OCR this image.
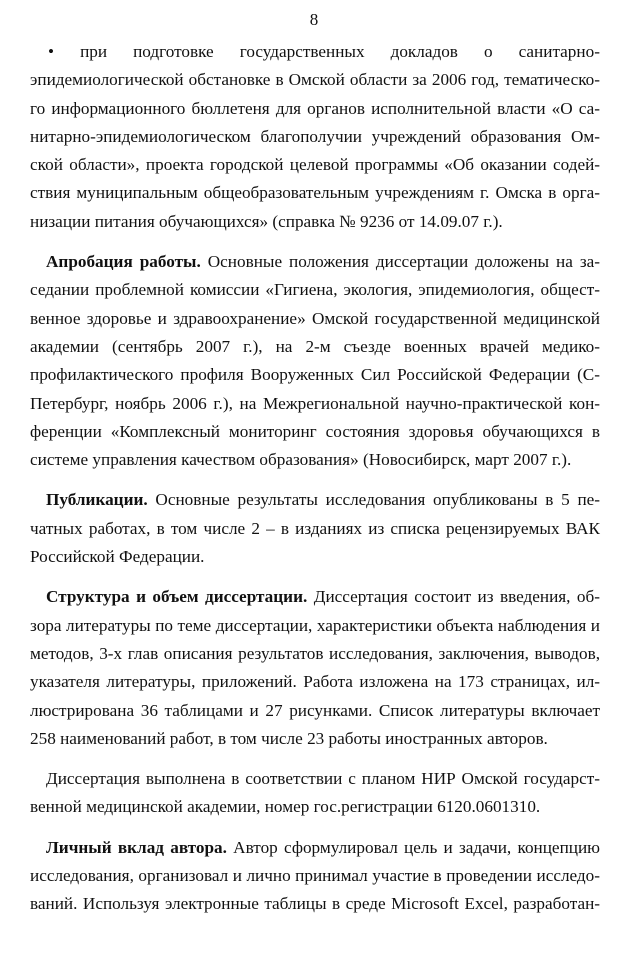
8
• при подготовке государственных докладов о санитарно-
эпидемиологической обстановке в Омской области за 2006 год, тематическо-
го информационного бюллетеня для органов исполнительной власти «О са-
нитарно-эпидемиологическом благополучии учреждений образования Ом-
ской области», проекта городской целевой программы «Об оказании содей-
ствия муниципальным общеобразовательным учреждениям г. Омска в орга-
низации питания обучающихся» (справка № 9236 от 14.09.07 г.).
Апробация работы. Основные положения диссертации доложены на за-
седании проблемной комиссии «Гигиена, экология, эпидемиология, общест-
венное здоровье и здравоохранение» Омской государственной медицинской
академии (сентябрь 2007 г.), на 2-м съезде военных врачей медико-
профилактического профиля Вооруженных Сил Российской Федерации (С-
Петербург, ноябрь 2006 г.), на Межрегиональной научно-практической кон-
ференции «Комплексный мониторинг состояния здоровья обучающихся в
системе управления качеством образования» (Новосибирск, март 2007 г.).
Публикации. Основные результаты исследования опубликованы в 5 пе-
чатных работах, в том числе 2 – в изданиях из списка рецензируемых ВАК
Российской Федерации.
Структура и объем диссертации. Диссертация состоит из введения, об-
зора литературы по теме диссертации, характеристики объекта наблюдения и
методов, 3-х глав описания результатов исследования, заключения, выводов,
указателя литературы, приложений. Работа изложена на 173 страницах, ил-
люстрирована 36 таблицами и 27 рисунками. Список литературы включает
258 наименований работ, в том числе 23 работы иностранных авторов.
Диссертация выполнена в соответствии с планом НИР Омской государст-
венной медицинской академии, номер гос.регистрации 6120.0601310.
Личный вклад автора. Автор сформулировал цель и задачи, концепцию
исследования, организовал и лично принимал участие в проведении исследо-
ваний. Используя электронные таблицы в среде Microsoft Excel, разработан-
